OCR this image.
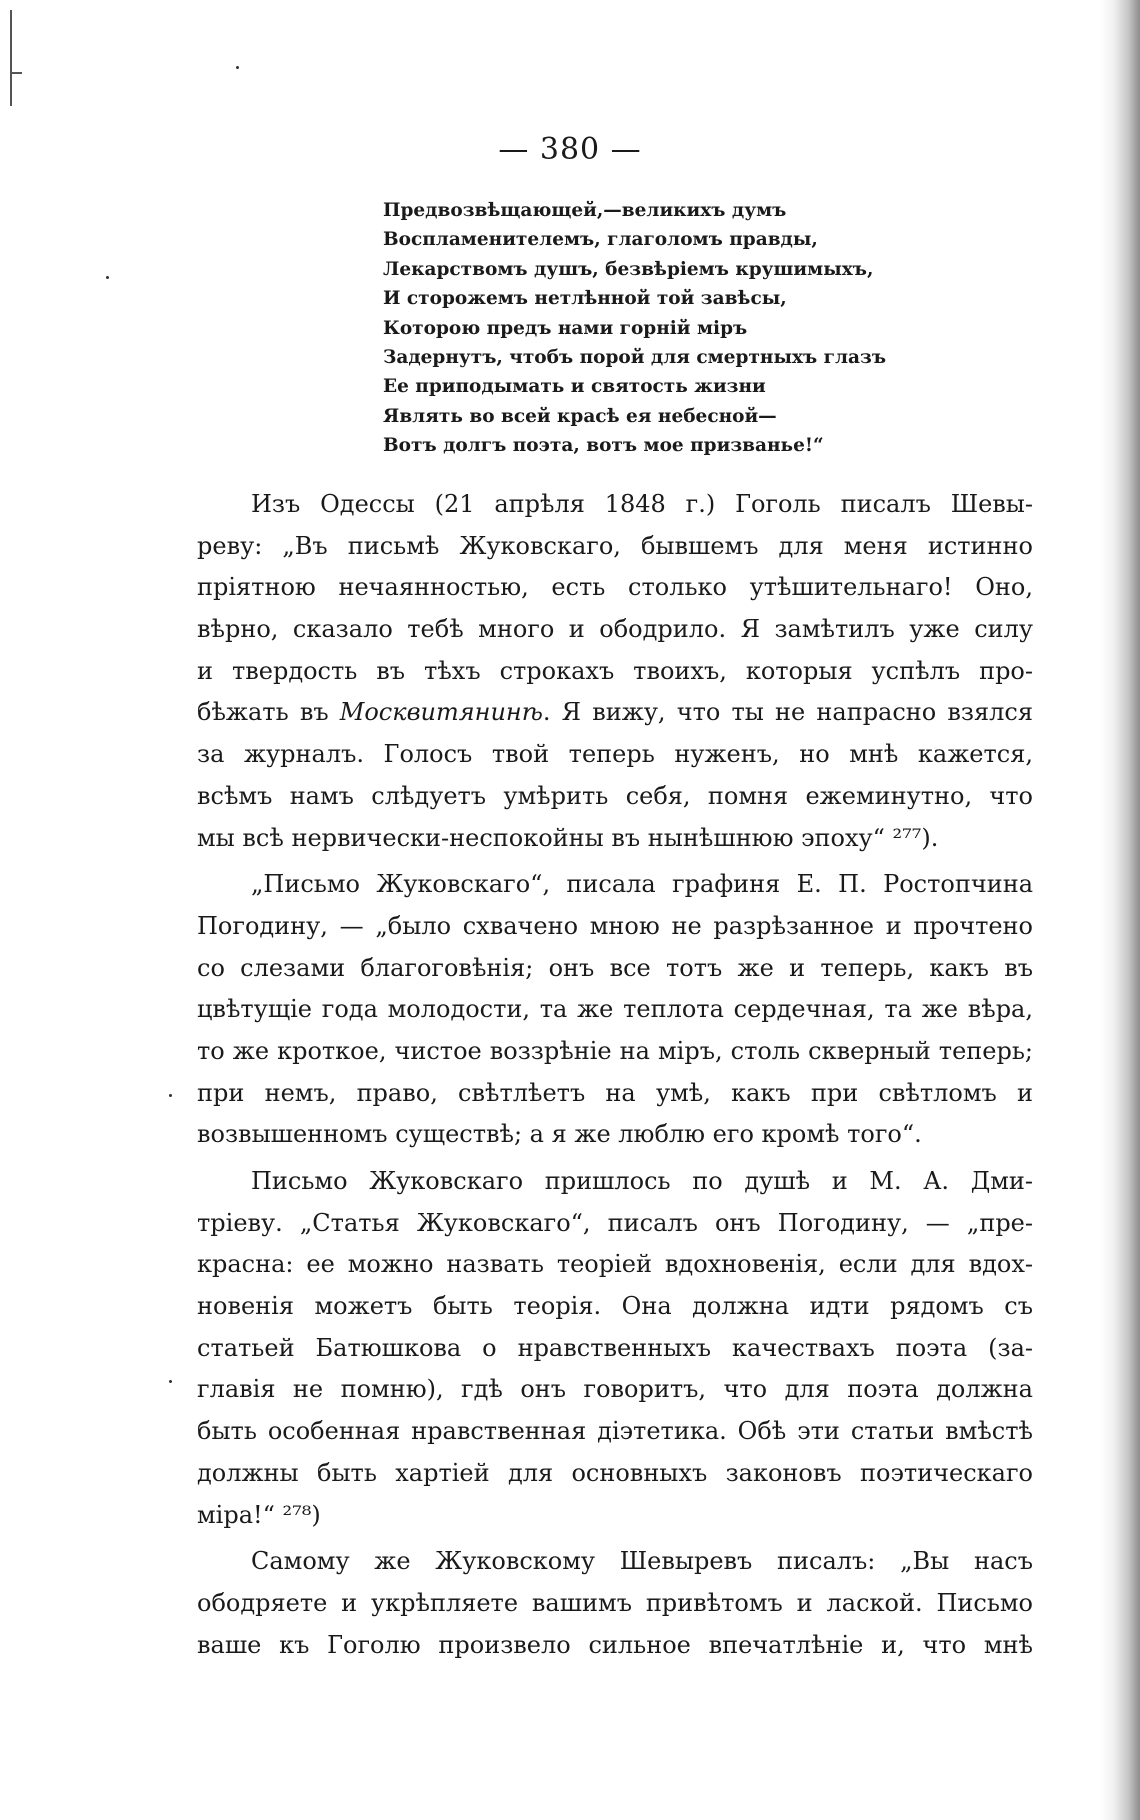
— 380 —
Предвозвѣщающей,—великихъ думъ
Воспламенителемъ, глаголомъ правды,
Лекарствомъ душъ, безвѣріемъ крушимыхъ,
И сторожемъ нетлѣнной той завѣсы,
Которою предъ нами горній міръ
Задернутъ, чтобъ порой для смертныхъ глазъ
Ее приподымать и святость жизни
Являть во всей красѣ ея небесной—
Вотъ долгъ поэта, вотъ мое призванье!“
Изъ Одессы (21 апрѣля 1848 г.) Гоголь писалъ Шевы-
реву: „Въ письмѣ Жуковскаго, бывшемъ для меня истинно
пріятною нечаянностью, есть столько утѣшительнаго! Оно,
вѣрно, сказало тебѣ много и ободрило. Я замѣтилъ уже силу
и твердость въ тѣхъ строкахъ твоихъ, которыя успѣлъ про-
бѣжать въ Москвитянинѣ. Я вижу, что ты не напрасно взялся
за журналъ. Голосъ твой теперь нуженъ, но мнѣ кажется,
всѣмъ намъ слѣдуетъ умѣрить себя, помня ежеминутно, что
мы всѣ нервически-неспокойны въ нынѣшнюю эпоху“ ²⁷⁷).
„Письмо Жуковскаго“, писала графиня Е. П. Ростопчина
Погодину, — „было схвачено мною не разрѣзанное и прочтено
со слезами благоговѣнія; онъ все тотъ же и теперь, какъ въ
цвѣтущіе года молодости, та же теплота сердечная, та же вѣра,
то же кроткое, чистое воззрѣніе на міръ, столь скверный теперь;
при немъ, право, свѣтлѣетъ на умѣ, какъ при свѣтломъ и
возвышенномъ существѣ; а я же люблю его кромѣ того“.
Письмо Жуковскаго пришлось по душѣ и М. А. Дми-
тріеву. „Статья Жуковскаго“, писалъ онъ Погодину, — „пре-
красна: ее можно назвать теоріей вдохновенія, если для вдох-
новенія можетъ быть теорія. Она должна идти рядомъ съ
статьей Батюшкова о нравственныхъ качествахъ поэта (за-
главія не помню), гдѣ онъ говоритъ, что для поэта должна
быть особенная нравственная діэтетика. Обѣ эти статьи вмѣстѣ
должны быть хартіей для основныхъ законовъ поэтическаго
міра!“ ²⁷⁸)
Самому же Жуковскому Шевыревъ писалъ: „Вы насъ
ободряете и укрѣпляете вашимъ привѣтомъ и лаской. Письмо
ваше къ Гоголю произвело сильное впечатлѣніе и, что мнѣ
